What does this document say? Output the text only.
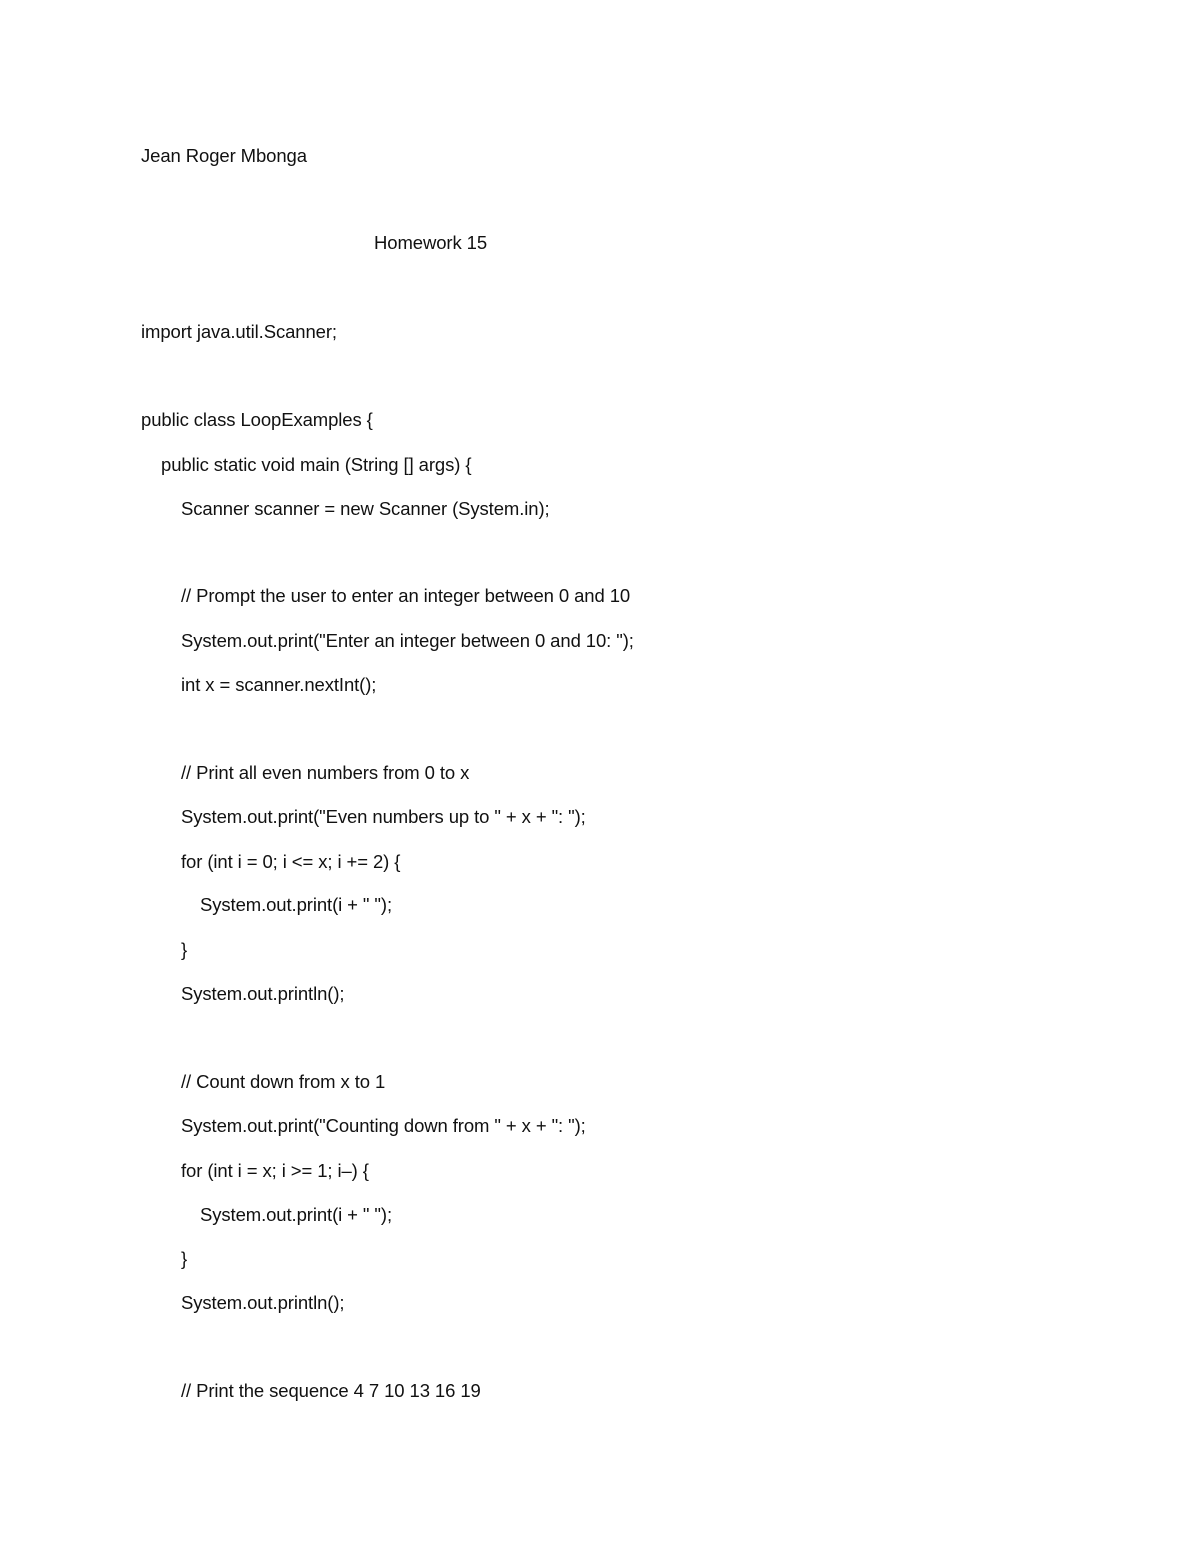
Jean Roger Mbonga
Homework 15
import java.util.Scanner;
public class LoopExamples {
public static void main (String [] args) {
Scanner scanner = new Scanner (System.in);
// Prompt the user to enter an integer between 0 and 10
System.out.print("Enter an integer between 0 and 10: ");
int x = scanner.nextInt();
// Print all even numbers from 0 to x
System.out.print("Even numbers up to " + x + ": ");
for (int i = 0; i <= x; i += 2) {
System.out.print(i + " ");
}
System.out.println();
// Count down from x to 1
System.out.print("Counting down from " + x + ": ");
for (int i = x; i >= 1; i–) {
System.out.print(i + " ");
}
System.out.println();
// Print the sequence 4 7 10 13 16 19
